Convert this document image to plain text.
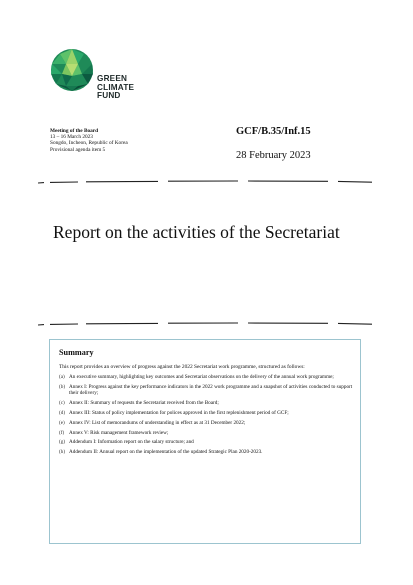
GREEN
CLIMATE
FUND
Meeting of the Board
13 – 16 March 2023
Songdo, Incheon, Republic of Korea
Provisional agenda item 5
GCF/B.35/Inf.15
28 February 2023
Report on the activities of the Secretariat
Summary
This report provides an overview of progress against the 2022 Secretariat work programme, structured as follows:
(a) An executive summary, highlighting key outcomes and Secretariat observations on the delivery of the annual work programme;
(b) Annex I: Progress against the key performance indicators in the 2022 work programme and a snapshot of activities conducted to support their delivery;
(c) Annex II: Summary of requests the Secretariat received from the Board;
(d) Annex III: Status of policy implementation for polices approved in the first replenishment period of GCF;
(e) Annex IV: List of memorandums of understanding in effect as at 31 December 2022;
(f) Annex V: Risk management framework review;
(g) Addendum I: Information report on the salary structure; and
(h) Addendum II: Annual report on the implementation of the updated Strategic Plan 2020-2023.
